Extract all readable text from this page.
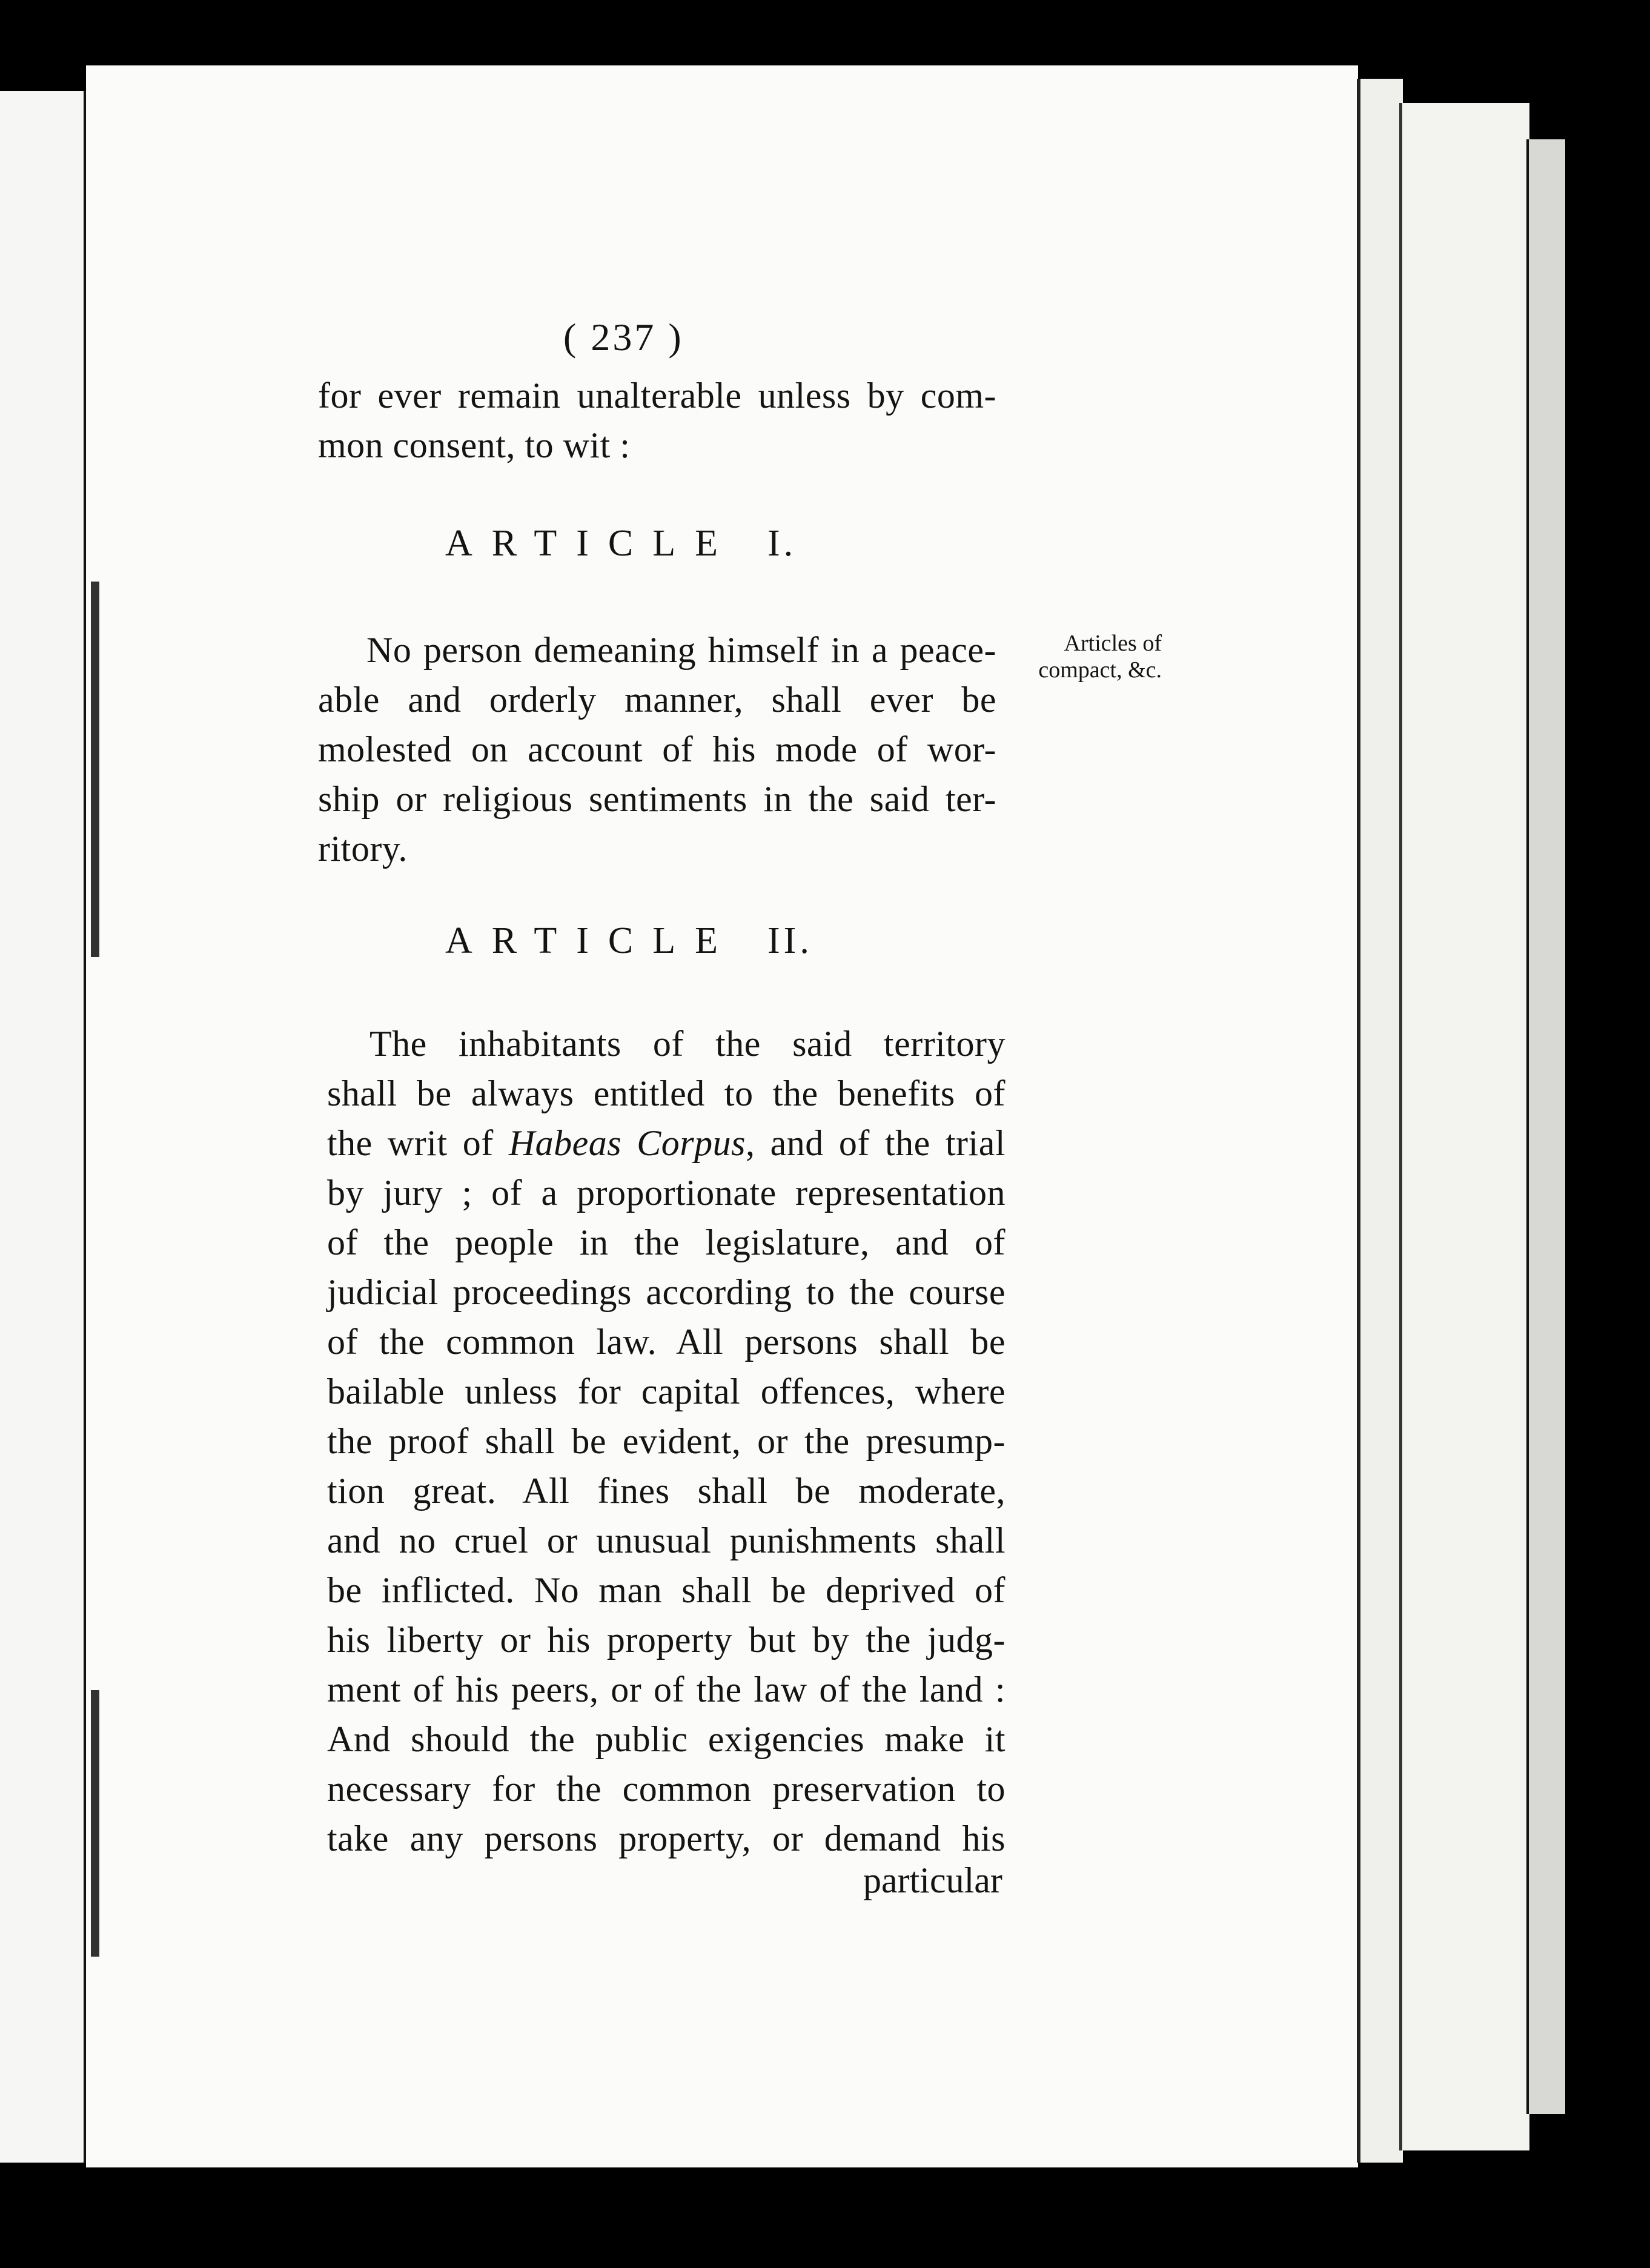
( 237 )
for ever remain unalterable unless by com-
mon consent, to wit :
ARTICLE I.
No person demeaning himself in a peace-
able and orderly manner, shall ever be
molested on account of his mode of wor-
ship or religious sentiments in the said ter-
ritory.
Articles of
compact, &c.
ARTICLE II.
The inhabitants of the said territory
shall be always entitled to the benefits of
the writ of Habeas Corpus, and of the trial
by jury ; of a proportionate representation
of the people in the legislature, and of
judicial proceedings according to the course
of the common law. All persons shall be
bailable unless for capital offences, where
the proof shall be evident, or the presump-
tion great. All fines shall be moderate,
and no cruel or unusual punishments shall
be inflicted. No man shall be deprived of
his liberty or his property but by the judg-
ment of his peers, or of the law of the land :
And should the public exigencies make it
necessary for the common preservation to
take any persons property, or demand his
particular
